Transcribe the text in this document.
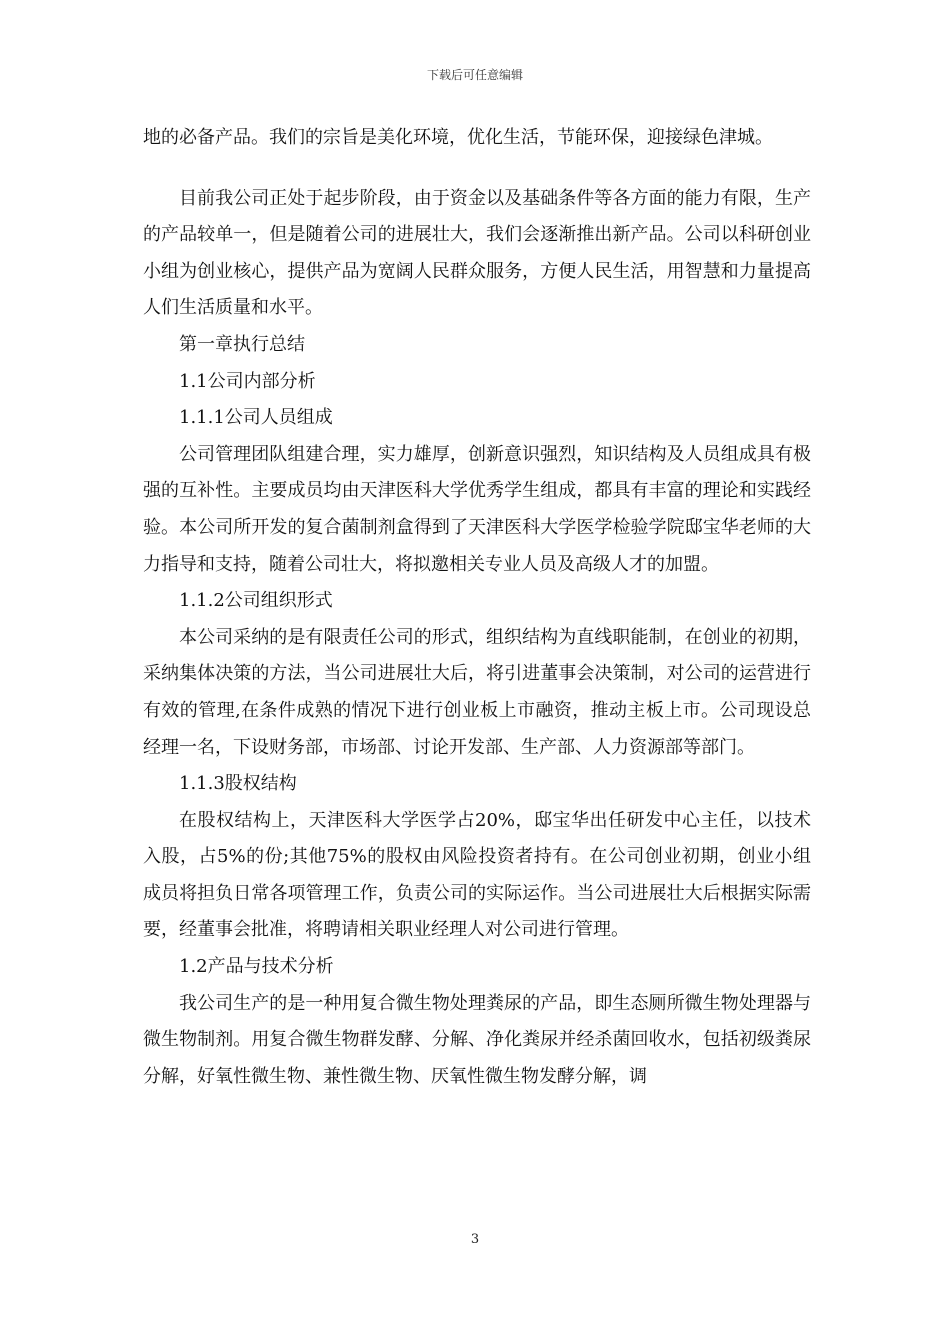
下载后可任意编辑

地的必备产品。我们的宗旨是美化环境，优化生活，节能环保，迎接绿色津城。

目前我公司正处于起步阶段，由于资金以及基础条件等各方面的能力有限，生产的产品较单一，但是随着公司的进展壮大，我们会逐渐推出新产品。公司以科研创业小组为创业核心，提供产品为宽阔人民群众服务，方便人民生活，用智慧和力量提高人们生活质量和水平。

第一章执行总结

1.1公司内部分析

1.1.1公司人员组成

公司管理团队组建合理，实力雄厚，创新意识强烈，知识结构及人员组成具有极强的互补性。主要成员均由天津医科大学优秀学生组成，都具有丰富的理论和实践经验。本公司所开发的复合菌制剂盒得到了天津医科大学医学检验学院邸宝华老师的大力指导和支持，随着公司壮大，将拟邀相关专业人员及高级人才的加盟。

1.1.2公司组织形式

本公司采纳的是有限责任公司的形式，组织结构为直线职能制，在创业的初期，采纳集体决策的方法，当公司进展壮大后，将引进董事会决策制，对公司的运营进行有效的管理,在条件成熟的情况下进行创业板上市融资，推动主板上市。公司现设总经理一名，下设财务部，市场部、讨论开发部、生产部、人力资源部等部门。

1.1.3股权结构

在股权结构上，天津医科大学医学占20%，邸宝华出任研发中心主任，以技术入股，占5%的份;其他75%的股权由风险投资者持有。在公司创业初期，创业小组成员将担负日常各项管理工作，负责公司的实际运作。当公司进展壮大后根据实际需要，经董事会批准，将聘请相关职业经理人对公司进行管理。

1.2产品与技术分析

我公司生产的是一种用复合微生物处理粪尿的产品，即生态厕所微生物处理器与微生物制剂。用复合微生物群发酵、分解、净化粪尿并经杀菌回收水，包括初级粪尿分解，好氧性微生物、兼性微生物、厌氧性微生物发酵分解，调

3
